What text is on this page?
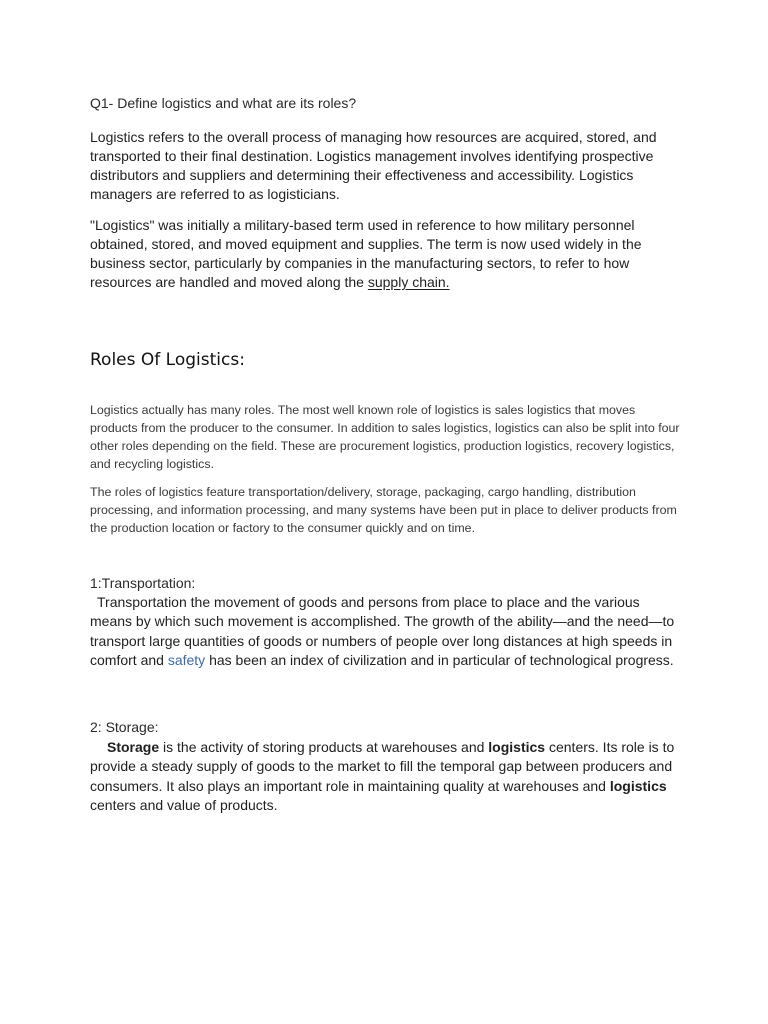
Q1- Define logistics and what are its roles?

Logistics refers to the overall process of managing how resources are acquired, stored, and transported to their final destination. Logistics management involves identifying prospective distributors and suppliers and determining their effectiveness and accessibility. Logistics managers are referred to as logisticians.

"Logistics" was initially a military-based term used in reference to how military personnel obtained, stored, and moved equipment and supplies. The term is now used widely in the business sector, particularly by companies in the manufacturing sectors, to refer to how resources are handled and moved along the supply chain.

Roles Of Logistics:

Logistics actually has many roles. The most well known role of logistics is sales logistics that moves products from the producer to the consumer. In addition to sales logistics, logistics can also be split into four other roles depending on the field. These are procurement logistics, production logistics, recovery logistics, and recycling logistics.

The roles of logistics feature transportation/delivery, storage, packaging, cargo handling, distribution processing, and information processing, and many systems have been put in place to deliver products from the production location or factory to the consumer quickly and on time.

1:Transportation:

Transportation the movement of goods and persons from place to place and the various means by which such movement is accomplished. The growth of the ability—and the need—to transport large quantities of goods or numbers of people over long distances at high speeds in comfort and safety has been an index of civilization and in particular of technological progress.

2: Storage:

Storage is the activity of storing products at warehouses and logistics centers. Its role is to provide a steady supply of goods to the market to fill the temporal gap between producers and consumers. It also plays an important role in maintaining quality at warehouses and logistics centers and value of products.
